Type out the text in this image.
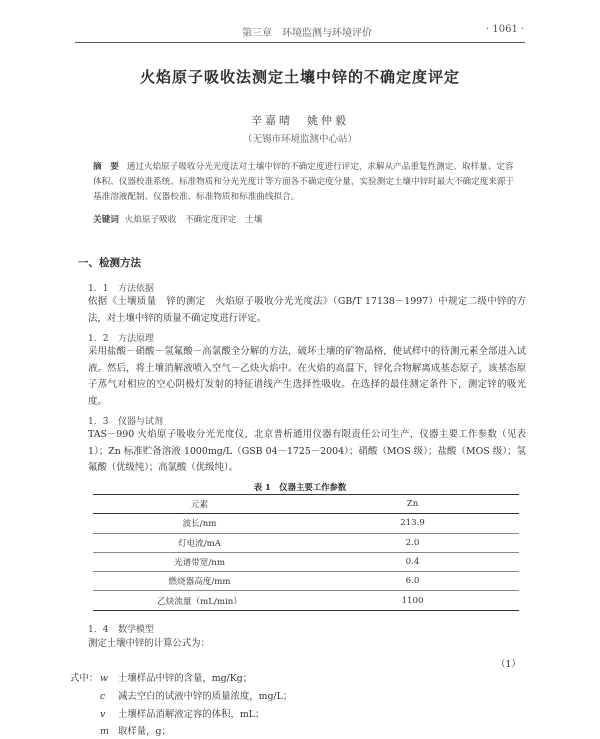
第三章　环境监测与环境评价	· 1061 ·
火焰原子吸收法测定土壤中锌的不确定度评定
辛嘉晴　姚仲毅
（无锡市环境监测中心站）
摘　要 通过火焰原子吸收分光光度法对土壤中锌的不确定度进行评定，求解从产品重复性测定、取样量、定容体积、仪器校准系统、标准物质和分光光度计等方面各不确定度分量，实验测定土壤中锌时最大不确定度来源于基准溶液配制、仪器校准、标准物质和标准曲线拟合。
关键词 火焰原子吸收　不确定度评定　土壤
一、检测方法
1．1 方法依据
依据《土壤质量　锌的测定　火焰原子吸收分光光度法》（GB/T 17138－1997）中规定二级中锌的方法，对土壤中锌的质量不确定度进行评定。
1．2 方法原理
采用盐酸－硝酸－氢氟酸－高氯酸全分解的方法，破坏土壤的矿物晶格，使试样中的待测元素全部进入试液。然后，将土壤消解液喷入空气－乙炔火焰中。在火焰的高温下，锌化合物解离成基态原子，该基态原子蒸气对相应的空心阴极灯发射的特征谱线产生选择性吸收。在选择的最佳测定条件下，测定锌的吸光度。
1．3 仪器与试剂
TAS－990 火焰原子吸收分光光度仪，北京普析通用仪器有限责任公司生产，仪器主要工作参数（见表 1）；Zn 标准贮备溶液 1000mg/L（GSB 04－1725－2004）；硝酸（MOS 级）；盐酸（MOS 级）；氢氟酸（优级纯）；高氯酸（优级纯）。
表 1　仪器主要工作参数
元素	Zn
波长/nm	213.9
灯电流/mA	2.0
光谱带宽/nm	0.4
燃烧器高度/mm	6.0
乙炔流量（mL/min）	1100
1．4 数学模型
测定土壤中锌的计算公式为：
（1）
式中： w 土壤样品中锌的含量，mg/Kg；
c 减去空白的试液中锌的质量浓度，mg/L；
v 土壤样品消解液定容的体积，mL；
m 取样量，g；
